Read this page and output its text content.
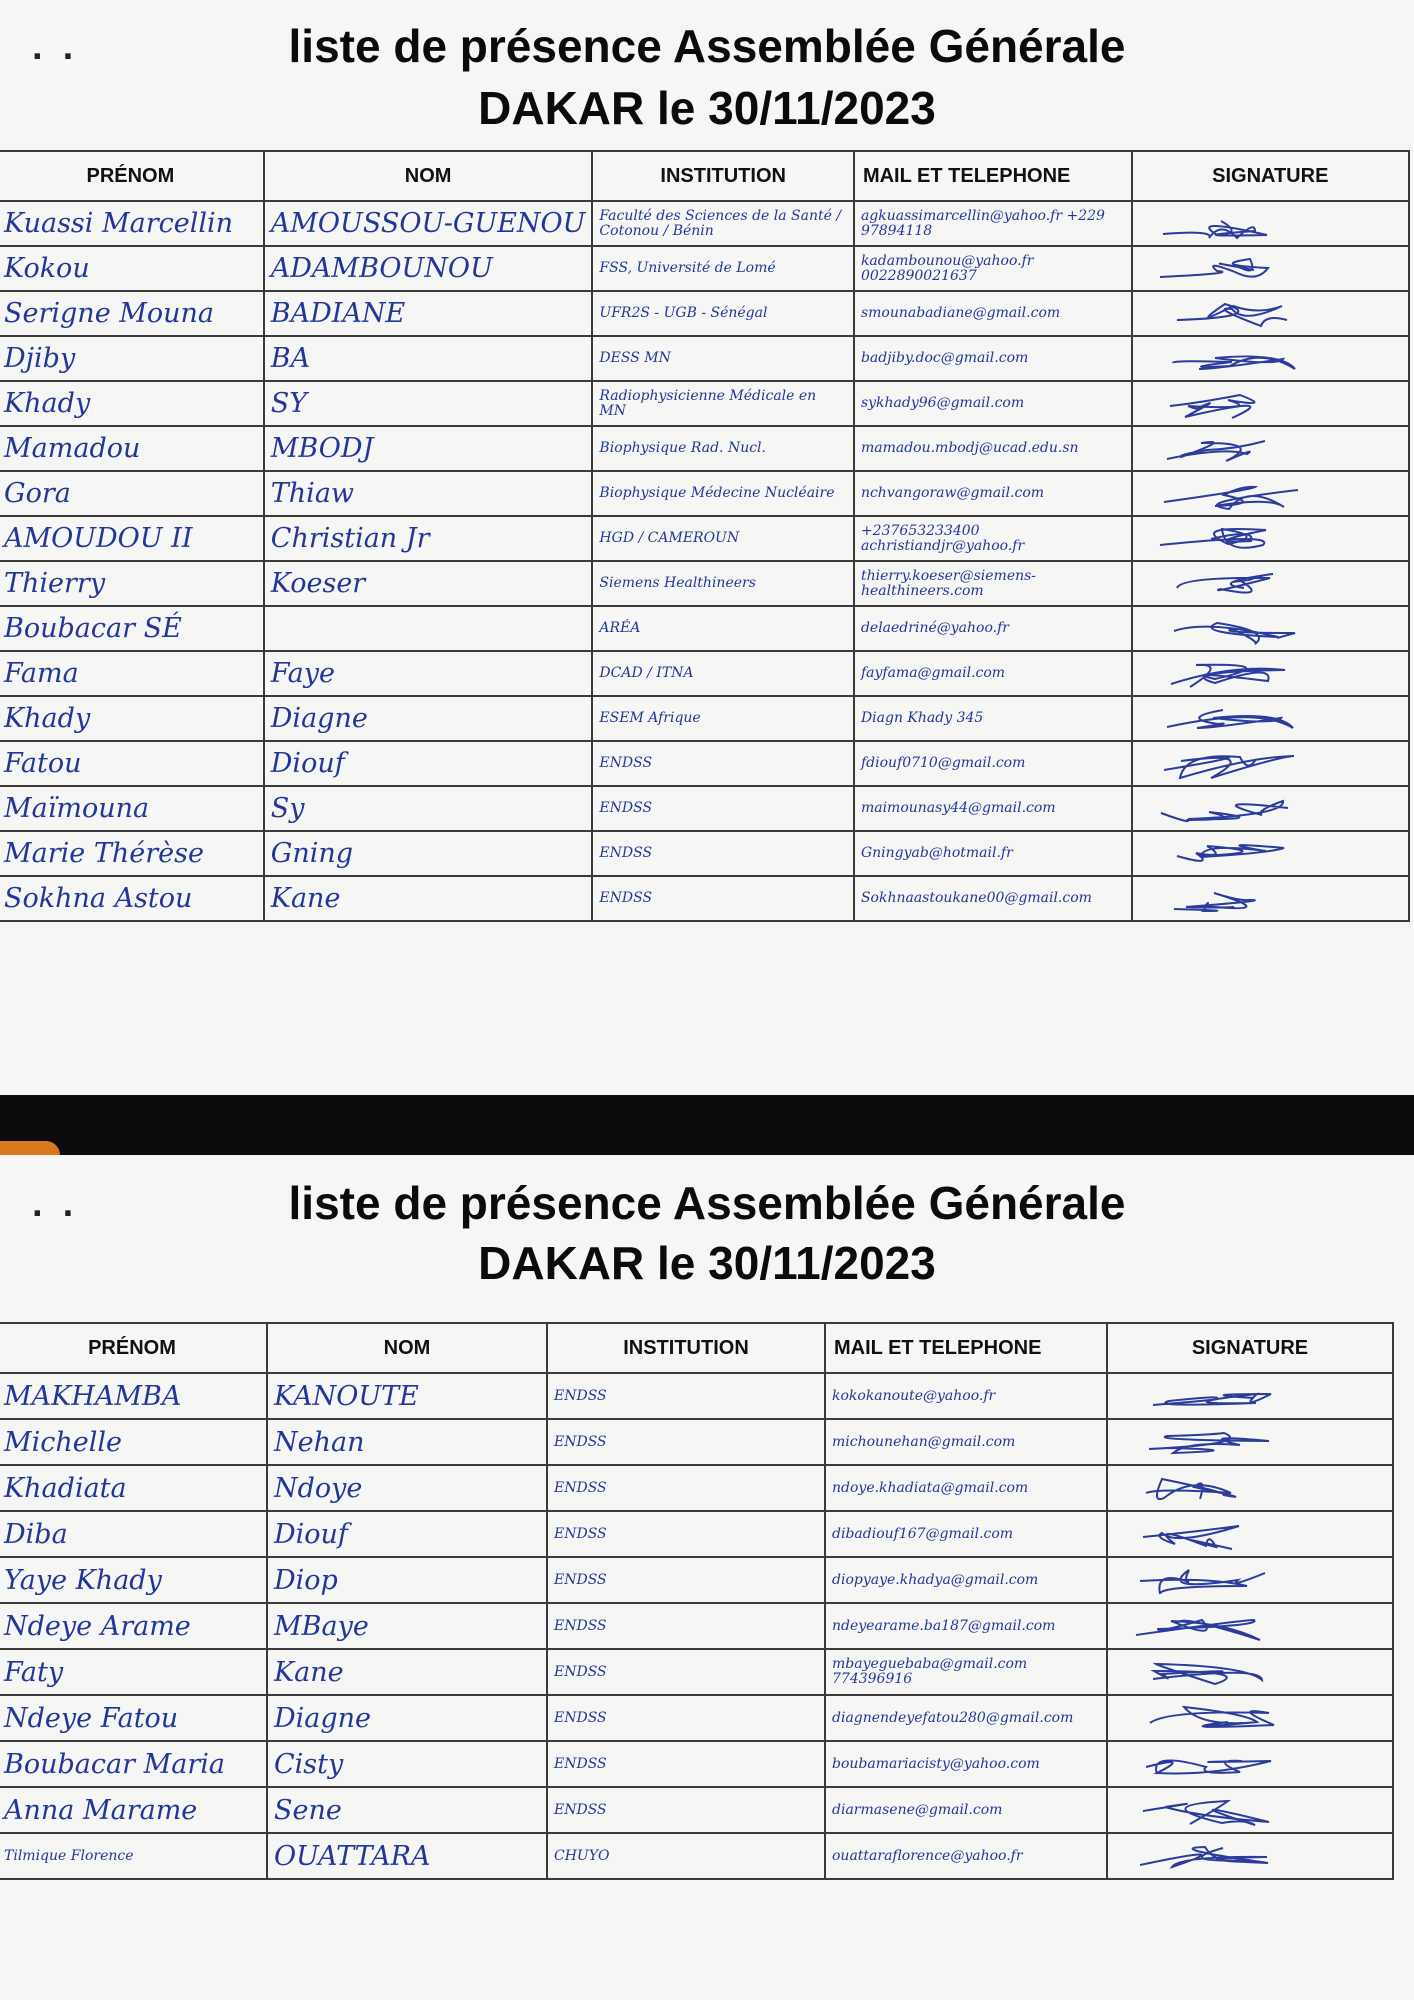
··	liste de présence Assemblée Générale
DAKAR le 30/11/2023
PRÉNOM	NOM	INSTITUTION	MAIL ET TELEPHONE	SIGNATURE
Kuassi Marcellin	AMOUSSOU-GUENOU	Faculté des Sciences de la Santé / Cotonou / Bénin	agkuassimarcellin@yahoo.fr +229 97894118	

Kokou	ADAMBOUNOU	FSS, Université de Lomé	kadambounou@yahoo.fr 0022890021637	

Serigne Mouna	BADIANE	UFR2S - UGB - Sénégal	smounabadiane@gmail.com	

Djiby	BA	DESS MN	badjiby.doc@gmail.com	

Khady	SY	Radiophysicienne Médicale en MN	sykhady96@gmail.com	

Mamadou	MBODJ	Biophysique Rad. Nucl.	mamadou.mbodj@ucad.edu.sn	

Gora	Thiaw	Biophysique Médecine Nucléaire	nchvangoraw@gmail.com	

AMOUDOU II	Christian Jr	HGD / CAMEROUN	+237653233400 achristiandjr@yahoo.fr	

Thierry	Koeser	Siemens Healthineers	thierry.koeser@siemens-healthineers.com	

Boubacar SÉ		ARÉA	delaedriné@yahoo.fr	

Fama	Faye	DCAD / ITNA	fayfama@gmail.com	

Khady	Diagne	ESEM Afrique	Diagn Khady 345	

Fatou	Diouf	ENDSS	fdiouf0710@gmail.com	

Maïmouna	Sy	ENDSS	maimounasy44@gmail.com	

Marie Thérèse	Gning	ENDSS	Gningyab@hotmail.fr	

Sokhna Astou	Kane	ENDSS	Sokhnaastoukane00@gmail.com	
··	liste de présence Assemblée Générale
DAKAR le 30/11/2023
PRÉNOM	NOM	INSTITUTION	MAIL ET TELEPHONE	SIGNATURE
MAKHAMBA	KANOUTE	ENDSS	kokokanoute@yahoo.fr	

Michelle	Nehan	ENDSS	michounehan@gmail.com	

Khadiata	Ndoye	ENDSS	ndoye.khadiata@gmail.com	

Diba	Diouf	ENDSS	dibadiouf167@gmail.com	

Yaye Khady	Diop	ENDSS	diopyaye.khadya@gmail.com	

Ndeye Arame	MBaye	ENDSS	ndeyearame.ba187@gmail.com	

Faty	Kane	ENDSS	mbayeguebaba@gmail.com 774396916	

Ndeye Fatou	Diagne	ENDSS	diagnendeyefatou280@gmail.com	

Boubacar Maria	Cisty	ENDSS	boubamariacisty@yahoo.com	

Anna Marame	Sene	ENDSS	diarmasene@gmail.com	

Tilmique Florence	OUATTARA	CHUYO	ouattaraflorence@yahoo.fr	
